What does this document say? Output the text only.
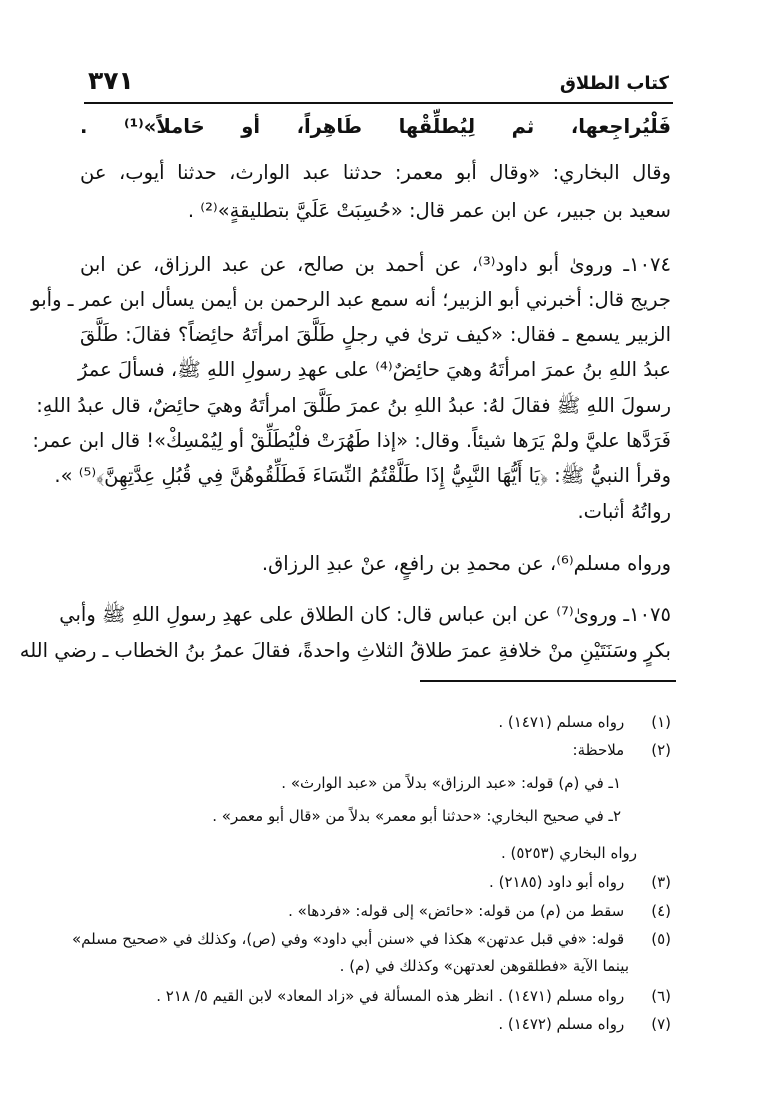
٣٧١	كتاب الطلاق

فَلْيُراجِعها، ثم لِيُطلِّقْها طَاهِراً، أو حَاملاً»⁽¹⁾ .

وقال البخاري: «وقال أبو معمر: حدثنا عبد الوارث، حدثنا أيوب، عن

سعيد بن جبير، عن ابن عمر قال: «حُسِبَتْ عَلَيَّ بتطليقةٍ»⁽²⁾ .

١٠٧٤ـ ورویٰ أبو داود⁽³⁾، عن أحمد بن صالح، عن عبد الرزاق، عن ابن

جريج قال: أخبرني أبو الزبير؛ أنه سمع عبد الرحمن بن أيمن يسأل ابن عمر ـ وأبو

الزبير يسمع ـ فقال: «كيف ترىٰ في رجلٍ طَلَّقَ امرأتَهُ حائِضاً؟ فقالَ: طَلَّقَ

عبدُ اللهِ بنُ عمرَ امرأتَهُ وهيَ حائِضٌ⁽⁴⁾ على عهدِ رسولِ اللهِ ﷺ، فسألَ عمرُ

رسولَ اللهِ ﷺ فقالَ لهُ: عبدُ اللهِ بنُ عمرَ طَلَّقَ امرأتَهُ وهيَ حائِضٌ، قال عبدُ اللهِ:

فَرَدَّها عليَّ ولمْ يَرَها شيئاً. وقال: «إذا طَهُرَتْ فلْيُطَلِّقْ أو لِيُمْسِكْ»! قال ابن عمر:

وقرأ النبيُّ ﷺ: ﴿يَا أَيُّهَا النَّبِيُّ إِذَا طَلَّقْتُمُ النِّسَاءَ فَطَلِّقُوهُنَّ فِي قُبُلِ عِدَّتِهِنَّ﴾⁽⁵⁾ ».

رواتُهُ أثبات.

ورواه مسلم⁽⁶⁾، عن محمدِ بن رافعٍ، عنْ عبدِ الرزاق.

١٠٧٥ـ ورویٰ⁽⁷⁾ عن ابن عباس قال: كان الطلاق على عهدِ رسولِ اللهِ ﷺ وأبي

بكرٍ وسَنَتَيْنِ منْ خلافةِ عمرَ طلاقُ الثلاثِ واحدةً، فقالَ عمرُ بنُ الخطاب ـ رضي الله

(١) رواه مسلم (١٤٧١) .

(٢) ملاحظة:

١ـ في (م) قوله: «عبد الرزاق» بدلاً من «عبد الوارث» .

٢ـ في صحيح البخاري: «حدثنا أبو معمر» بدلاً من «قال أبو معمر» .

رواه البخاري (٥٢٥٣) .

(٣) رواه أبو داود (٢١٨٥) .

(٤) سقط من (م) من قوله: «حائض» إلى قوله: «فردها» .

(٥) قوله: «في قبل عدتهن» هكذا في «سنن أبي داود» وفي (ص)، وكذلك في «صحيح مسلم»

بينما الآية «فطلقوهن لعدتهن» وكذلك في (م) .

(٦) رواه مسلم (١٤٧١) . انظر هذه المسألة في «زاد المعاد» لابن القيم ٥/ ٢١٨ .

(٧) رواه مسلم (١٤٧٢) .
